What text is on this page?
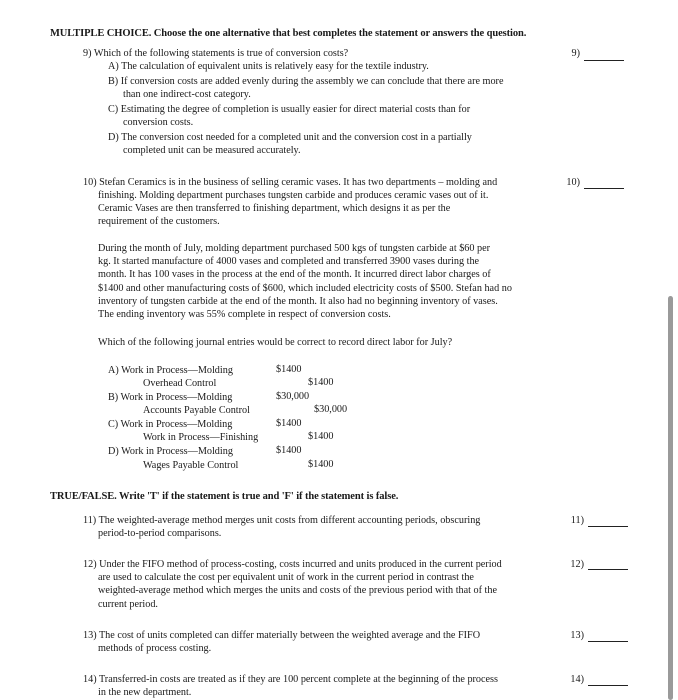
MULTIPLE CHOICE. Choose the one alternative that best completes the statement or answers the question.
9) Which of the following statements is true of conversion costs?
A) The calculation of equivalent units is relatively easy for the textile industry.
B) If conversion costs are added evenly during the assembly we can conclude that there are more
than one indirect-cost category.
C) Estimating the degree of completion is usually easier for direct material costs than for
conversion costs.
D) The conversion cost needed for a completed unit and the conversion cost in a partially
completed unit can be measured accurately.
9)
10) Stefan Ceramics is in the business of selling ceramic vases. It has two departments – molding and
finishing. Molding department purchases tungsten carbide and produces ceramic vases out of it.
Ceramic Vases are then transferred to finishing department, which designs it as per the
requirement of the customers.
During the month of July, molding department purchased 500 kgs of tungsten carbide at $60 per
kg. It started manufacture of 4000 vases and completed and transferred 3900 vases during the
month. It has 100 vases in the process at the end of the month. It incurred direct labor charges of
$1400 and other manufacturing costs of $600, which included electricity costs of $500. Stefan had no
inventory of tungsten carbide at the end of the month. It also had no beginning inventory of vases.
The ending inventory was 55% complete in respect of conversion costs.
Which of the following journal entries would be correct to record direct labor for July?
A) Work in Process—Molding	$1400
Overhead Control	$1400
B) Work in Process—Molding	$30,000
Accounts Payable Control	$30,000
C) Work in Process—Molding	$1400
Work in Process—Finishing	$1400
D) Work in Process—Molding	$1400
Wages Payable Control	$1400
10)
TRUE/FALSE. Write 'T' if the statement is true and 'F' if the statement is false.
11) The weighted-average method merges unit costs from different accounting periods, obscuring
period-to-period comparisons.
11)
12) Under the FIFO method of process-costing, costs incurred and units produced in the current period
are used to calculate the cost per equivalent unit of work in the current period in contrast the
weighted-average method which merges the units and costs of the previous period with that of the
current period.
12)
13) The cost of units completed can differ materially between the weighted average and the FIFO
methods of process costing.
13)
14) Transferred-in costs are treated as if they are 100 percent complete at the beginning of the process
in the new department.
14)
